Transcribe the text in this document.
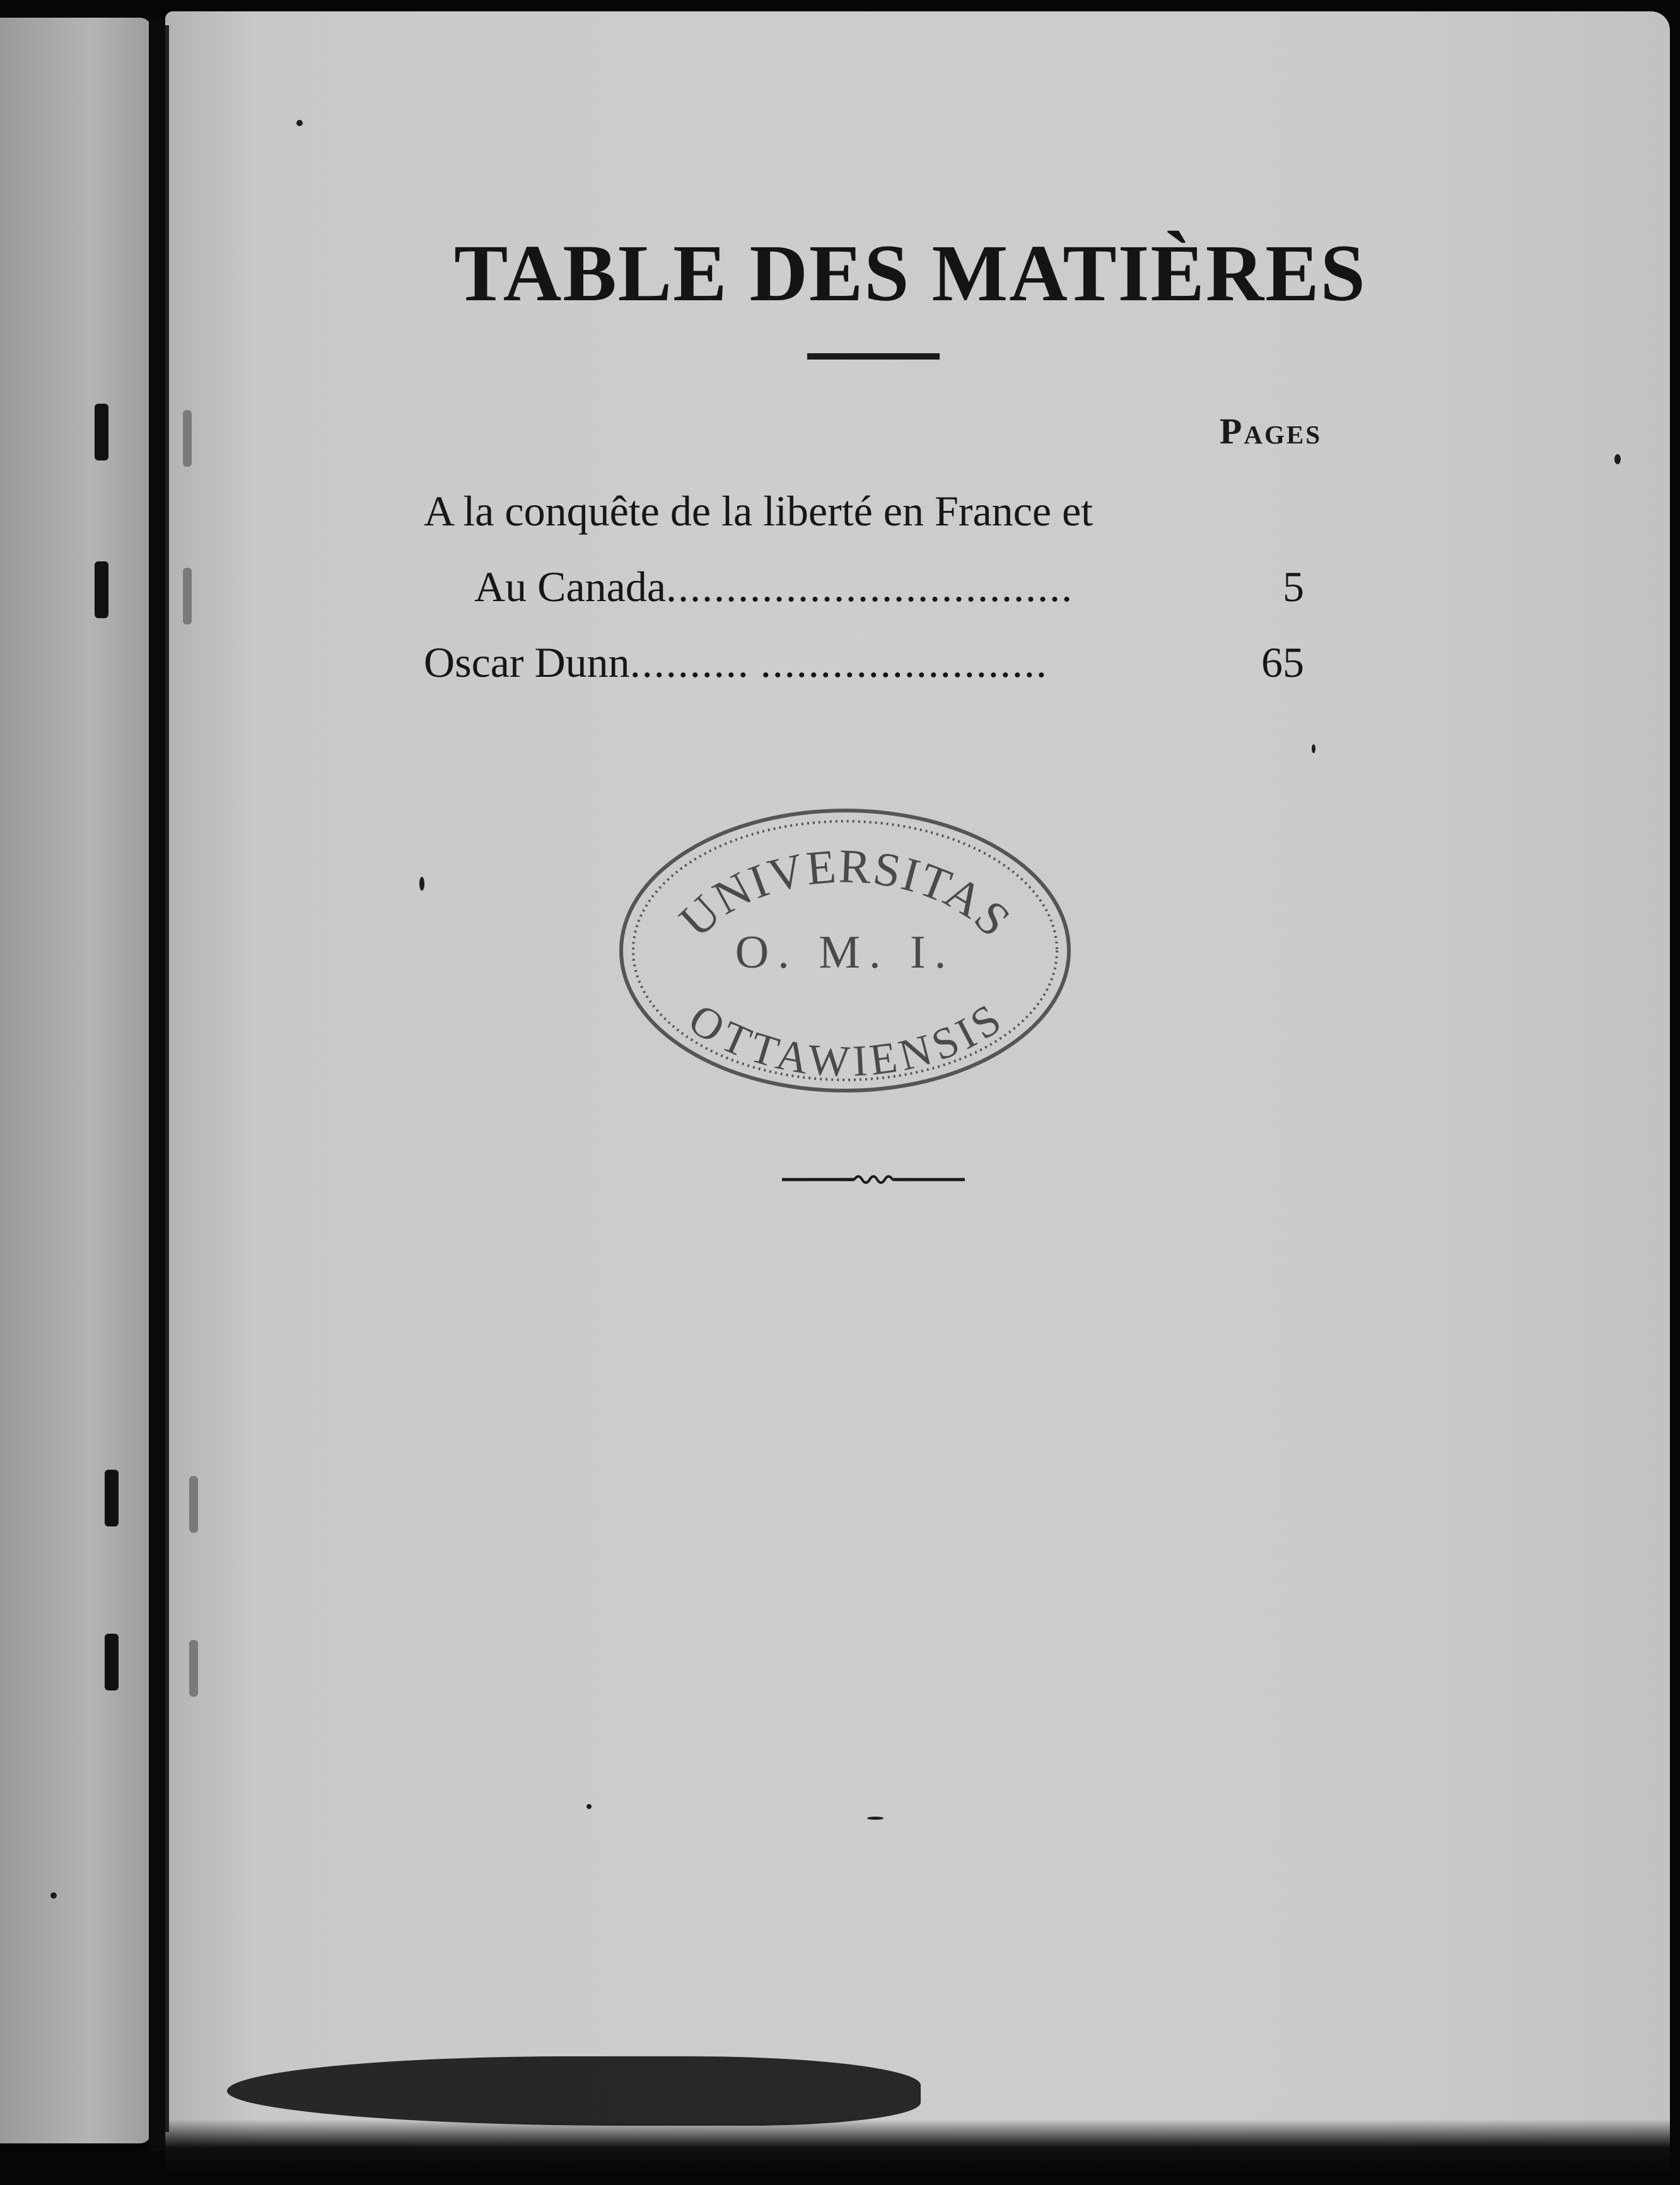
TABLE DES MATIÈRES
Pages
A la conquête de la liberté en France et
Au Canada..................................	5
Oscar Dunn.......... ........................	65
UNIVERSITAS
O. M. I.
OTTAWIENSIS
